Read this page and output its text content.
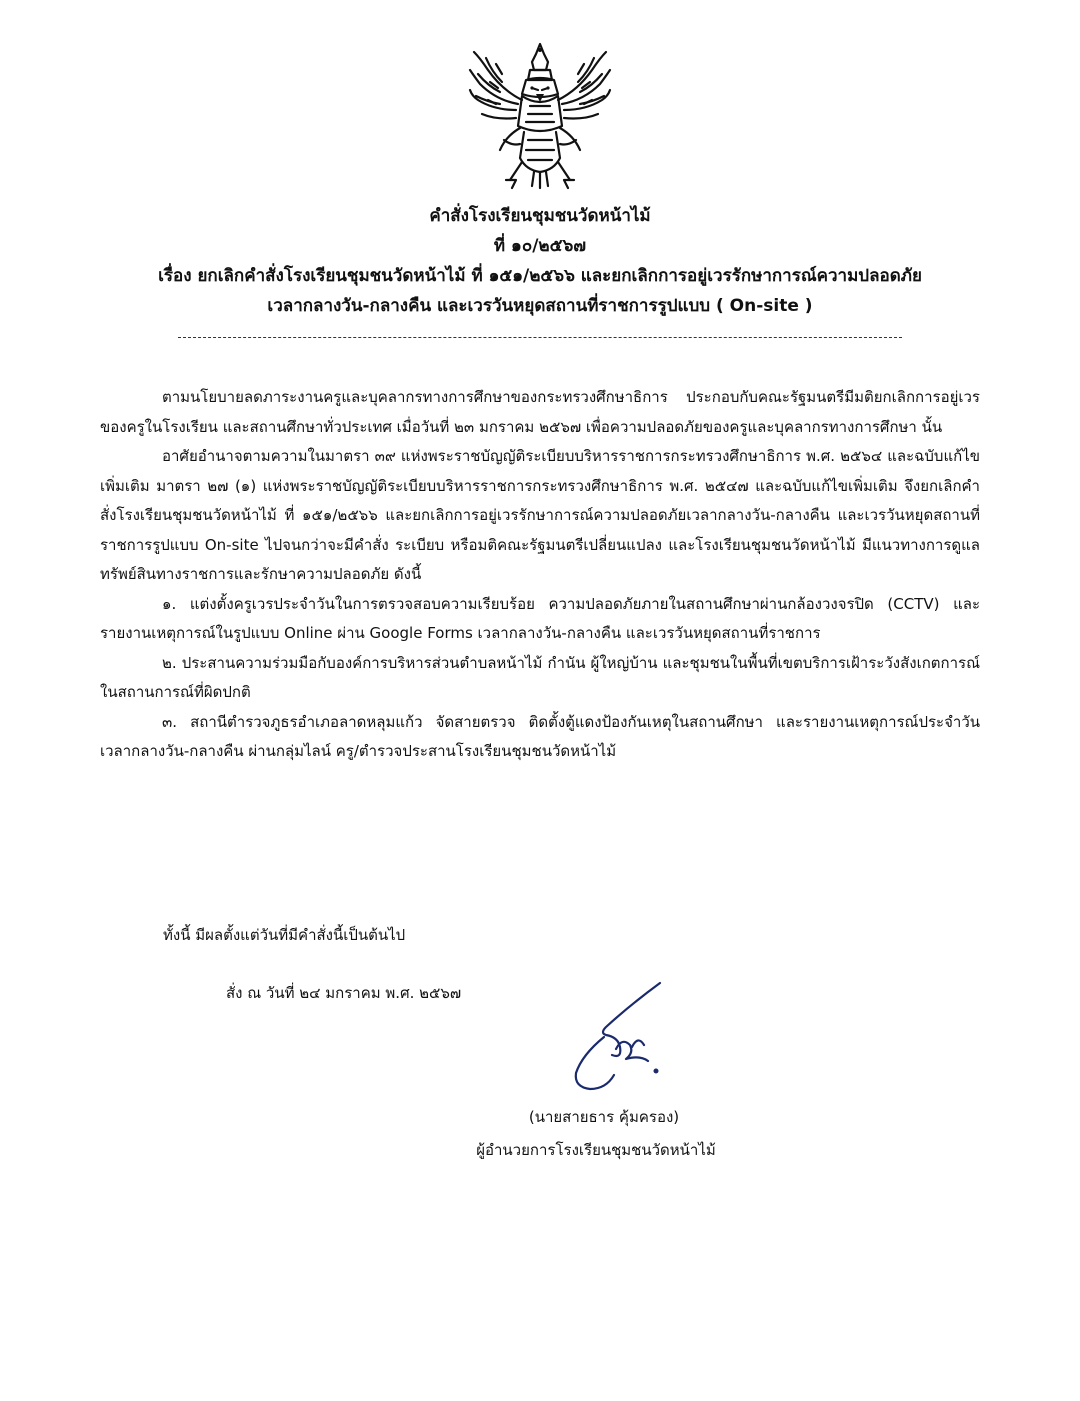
คำสั่งโรงเรียนชุมชนวัดหน้าไม้
ที่ ๑๐/๒๕๖๗
เรื่อง ยกเลิกคำสั่งโรงเรียนชุมชนวัดหน้าไม้ ที่ ๑๕๑/๒๕๖๖ และยกเลิกการอยู่เวรรักษาการณ์ความปลอดภัย
เวลากลางวัน-กลางคืน และเวรวันหยุดสถานที่ราชการรูปแบบ ( On-site )

ตามนโยบายลดภาระงานครูและบุคลากรทางการศึกษาของกระทรวงศึกษาธิการ ประกอบกับคณะรัฐมนตรีมีมติยกเลิกการอยู่เวรของครูในโรงเรียน และสถานศึกษาทั่วประเทศ เมื่อวันที่ ๒๓ มกราคม ๒๕๖๗ เพื่อความปลอดภัยของครูและบุคลากรทางการศึกษา นั้น

อาศัยอำนาจตามความในมาตรา ๓๙ แห่งพระราชบัญญัติระเบียบบริหารราชการกระทรวงศึกษาธิการ พ.ศ. ๒๕๖๔ และฉบับแก้ไขเพิ่มเติม มาตรา ๒๗ (๑) แห่งพระราชบัญญัติระเบียบบริหารราชการกระทรวงศึกษาธิการ พ.ศ. ๒๕๔๗ และฉบับแก้ไขเพิ่มเติม จึงยกเลิกคำสั่งโรงเรียนชุมชนวัดหน้าไม้ ที่ ๑๕๑/๒๕๖๖ และยกเลิกการอยู่เวรรักษาการณ์ความปลอดภัยเวลากลางวัน-กลางคืน และเวรวันหยุดสถานที่ราชการรูปแบบ On-site ไปจนกว่าจะมีคำสั่ง ระเบียบ หรือมติคณะรัฐมนตรีเปลี่ยนแปลง และโรงเรียนชุมชนวัดหน้าไม้ มีแนวทางการดูแลทรัพย์สินทางราชการและรักษาความปลอดภัย ดังนี้

๑. แต่งตั้งครูเวรประจำวันในการตรวจสอบความเรียบร้อย ความปลอดภัยภายในสถานศึกษาผ่านกล้องวงจรปิด (CCTV) และรายงานเหตุการณ์ในรูปแบบ Online ผ่าน Google Forms เวลากลางวัน-กลางคืน และเวรวันหยุดสถานที่ราชการ

๒. ประสานความร่วมมือกับองค์การบริหารส่วนตำบลหน้าไม้ กำนัน ผู้ใหญ่บ้าน และชุมชนในพื้นที่เขตบริการเฝ้าระวังสังเกตการณ์ในสถานการณ์ที่ผิดปกติ

๓. สถานีตำรวจภูธรอำเภอลาดหลุมแก้ว จัดสายตรวจ ติดตั้งตู้แดงป้องกันเหตุในสถานศึกษา และรายงานเหตุการณ์ประจำวัน เวลากลางวัน-กลางคืน ผ่านกลุ่มไลน์ ครู/ตำรวจประสานโรงเรียนชุมชนวัดหน้าไม้

ทั้งนี้ มีผลตั้งแต่วันที่มีคำสั่งนี้เป็นต้นไป
สั่ง ณ วันที่ ๒๔ มกราคม พ.ศ. ๒๕๖๗
(นายสายธาร คุ้มครอง)
ผู้อำนวยการโรงเรียนชุมชนวัดหน้าไม้
